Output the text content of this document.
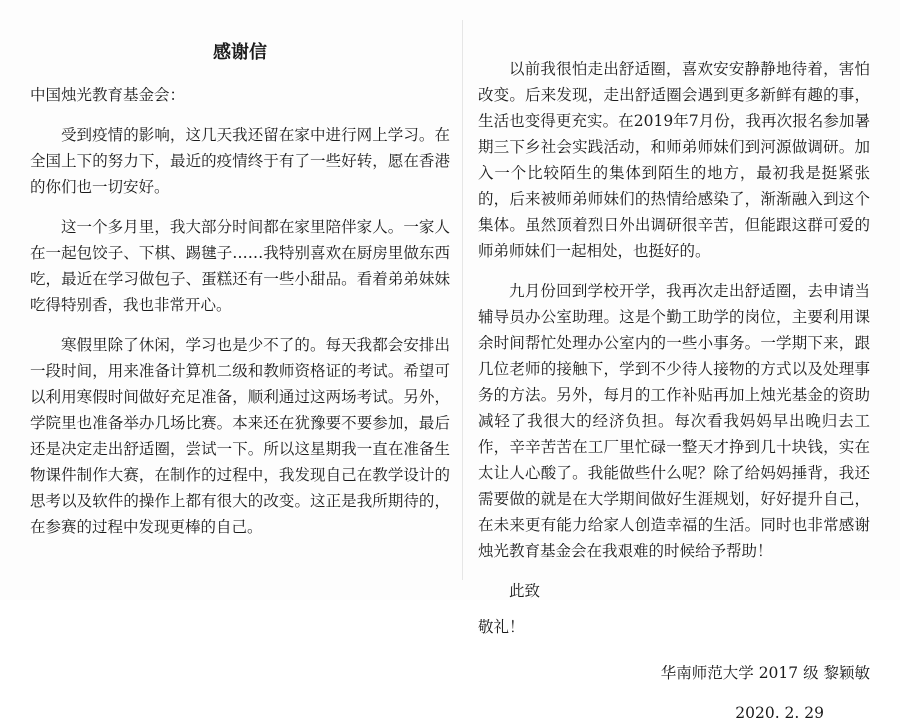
感谢信
中国烛光教育基金会：

受到疫情的影响，这几天我还留在家中进行网上学习。在全国上下的努力下，最近的疫情终于有了一些好转，愿在香港的你们也一切安好。

这一个多月里，我大部分时间都在家里陪伴家人。一家人在一起包饺子、下棋、踢毽子……我特别喜欢在厨房里做东西吃，最近在学习做包子、蛋糕还有一些小甜品。看着弟弟妹妹吃得特别香，我也非常开心。

寒假里除了休闲，学习也是少不了的。每天我都会安排出一段时间，用来准备计算机二级和教师资格证的考试。希望可以利用寒假时间做好充足准备，顺利通过这两场考试。另外，学院里也准备举办几场比赛。本来还在犹豫要不要参加，最后还是决定走出舒适圈，尝试一下。所以这星期我一直在准备生物课件制作大赛，在制作的过程中，我发现自己在教学设计的思考以及软件的操作上都有很大的改变。这正是我所期待的，在参赛的过程中发现更棒的自己。

以前我很怕走出舒适圈，喜欢安安静静地待着，害怕改变。后来发现，走出舒适圈会遇到更多新鲜有趣的事，生活也变得更充实。在2019年7月份，我再次报名参加暑期三下乡社会实践活动，和师弟师妹们到河源做调研。加入一个比较陌生的集体到陌生的地方，最初我是挺紧张的，后来被师弟师妹们的热情给感染了，渐渐融入到这个集体。虽然顶着烈日外出调研很辛苦，但能跟这群可爱的师弟师妹们一起相处，也挺好的。

九月份回到学校开学，我再次走出舒适圈，去申请当辅导员办公室助理。这是个勤工助学的岗位，主要利用课余时间帮忙处理办公室内的一些小事务。一学期下来，跟几位老师的接触下，学到不少待人接物的方式以及处理事务的方法。另外，每月的工作补贴再加上烛光基金的资助减轻了我很大的经济负担。每次看我妈妈早出晚归去工作，辛辛苦苦在工厂里忙碌一整天才挣到几十块钱，实在太让人心酸了。我能做些什么呢？除了给妈妈捶背，我还需要做的就是在大学期间做好生涯规划，好好提升自己，在未来更有能力给家人创造幸福的生活。同时也非常感谢烛光教育基金会在我艰难的时候给予帮助！

此致
敬礼！
华南师范大学 2017 级 黎颖敏
2020. 2. 29
